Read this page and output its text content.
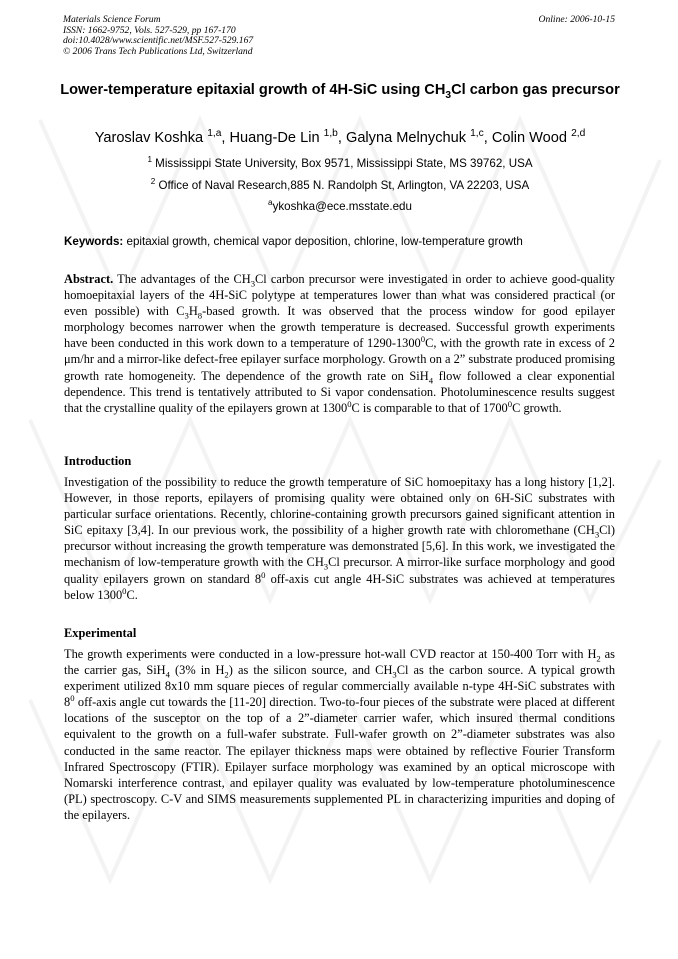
Materials Science Forum
ISSN: 1662-9752, Vols. 527-529, pp 167-170
doi:10.4028/www.scientific.net/MSF.527-529.167
© 2006 Trans Tech Publications Ltd, Switzerland
Online: 2006-10-15
Lower-temperature epitaxial growth of 4H-SiC using $CH_3Cl$ carbon gas precursor
Yaroslav Koshka $^{1,a}$, Huang-De Lin $^{1,b}$, Galyna Melnychuk $^{1,c}$, Colin Wood $^{2,d}$
$^1$ Mississippi State University, Box 9571, Mississippi State, MS 39762, USA
$^2$ Office of Naval Research,885 N. Randolph St, Arlington, VA 22203, USA
$^a$ykoshka@ece.msstate.edu
Keywords: epitaxial growth, chemical vapor deposition, chlorine, low-temperature growth

Abstract. The advantages of the $CH_3Cl$ carbon precursor were investigated in order to achieve good-quality homoepitaxial layers of the 4H-SiC polytype at temperatures lower than what was considered practical (or even possible) with $C_3H_8$-based growth. It was observed that the process window for good epilayer morphology becomes narrower when the growth temperature is decreased. Successful growth experiments have been conducted in this work down to a temperature of 1290-1300$^0$C, with the growth rate in excess of 2 μm/hr and a mirror-like defect-free epilayer surface morphology. Growth on a 2” substrate produced promising growth rate homogeneity. The dependence of the growth rate on SiH$_4$ flow followed a clear exponential dependence. This trend is tentatively attributed to Si vapor condensation. Photoluminescence results suggest that the crystalline quality of the epilayers grown at 1300$^0$C is comparable to that of 1700$^0$C growth.

Introduction

Investigation of the possibility to reduce the growth temperature of SiC homoepitaxy has a long history [1,2]. However, in those reports, epilayers of promising quality were obtained only on 6H-SiC substrates with particular surface orientations. Recently, chlorine-containing growth precursors gained significant attention in SiC epitaxy [3,4]. In our previous work, the possibility of a higher growth rate with chloromethane $(CH_3Cl)$ precursor without increasing the growth temperature was demonstrated [5,6]. In this work, we investigated the mechanism of low-temperature growth with the $CH_3Cl$ precursor. A mirror-like surface morphology and good quality epilayers grown on standard $8^0$ off-axis cut angle 4H-SiC substrates was achieved at temperatures below 1300$^0$C.

Experimental

The growth experiments were conducted in a low-pressure hot-wall CVD reactor at 150-400 Torr with $H_2$ as the carrier gas, SiH$_4$ (3% in $H_2$) as the silicon source, and $CH_3Cl$ as the carbon source. A typical growth experiment utilized 8x10 mm square pieces of regular commercially available n-type 4H-SiC substrates with $8^0$ off-axis angle cut towards the [11-20] direction. Two-to-four pieces of the substrate were placed at different locations of the susceptor on the top of a 2”-diameter carrier wafer, which insured thermal conditions equivalent to the growth on a full-wafer substrate. Full-wafer growth on 2”-diameter substrates was also conducted in the same reactor. The epilayer thickness maps were obtained by reflective Fourier Transform Infrared Spectroscopy (FTIR). Epilayer surface morphology was examined by an optical microscope with Nomarski interference contrast, and epilayer quality was evaluated by low-temperature photoluminescence (PL) spectroscopy. C-V and SIMS measurements supplemented PL in characterizing impurities and doping of the epilayers.
